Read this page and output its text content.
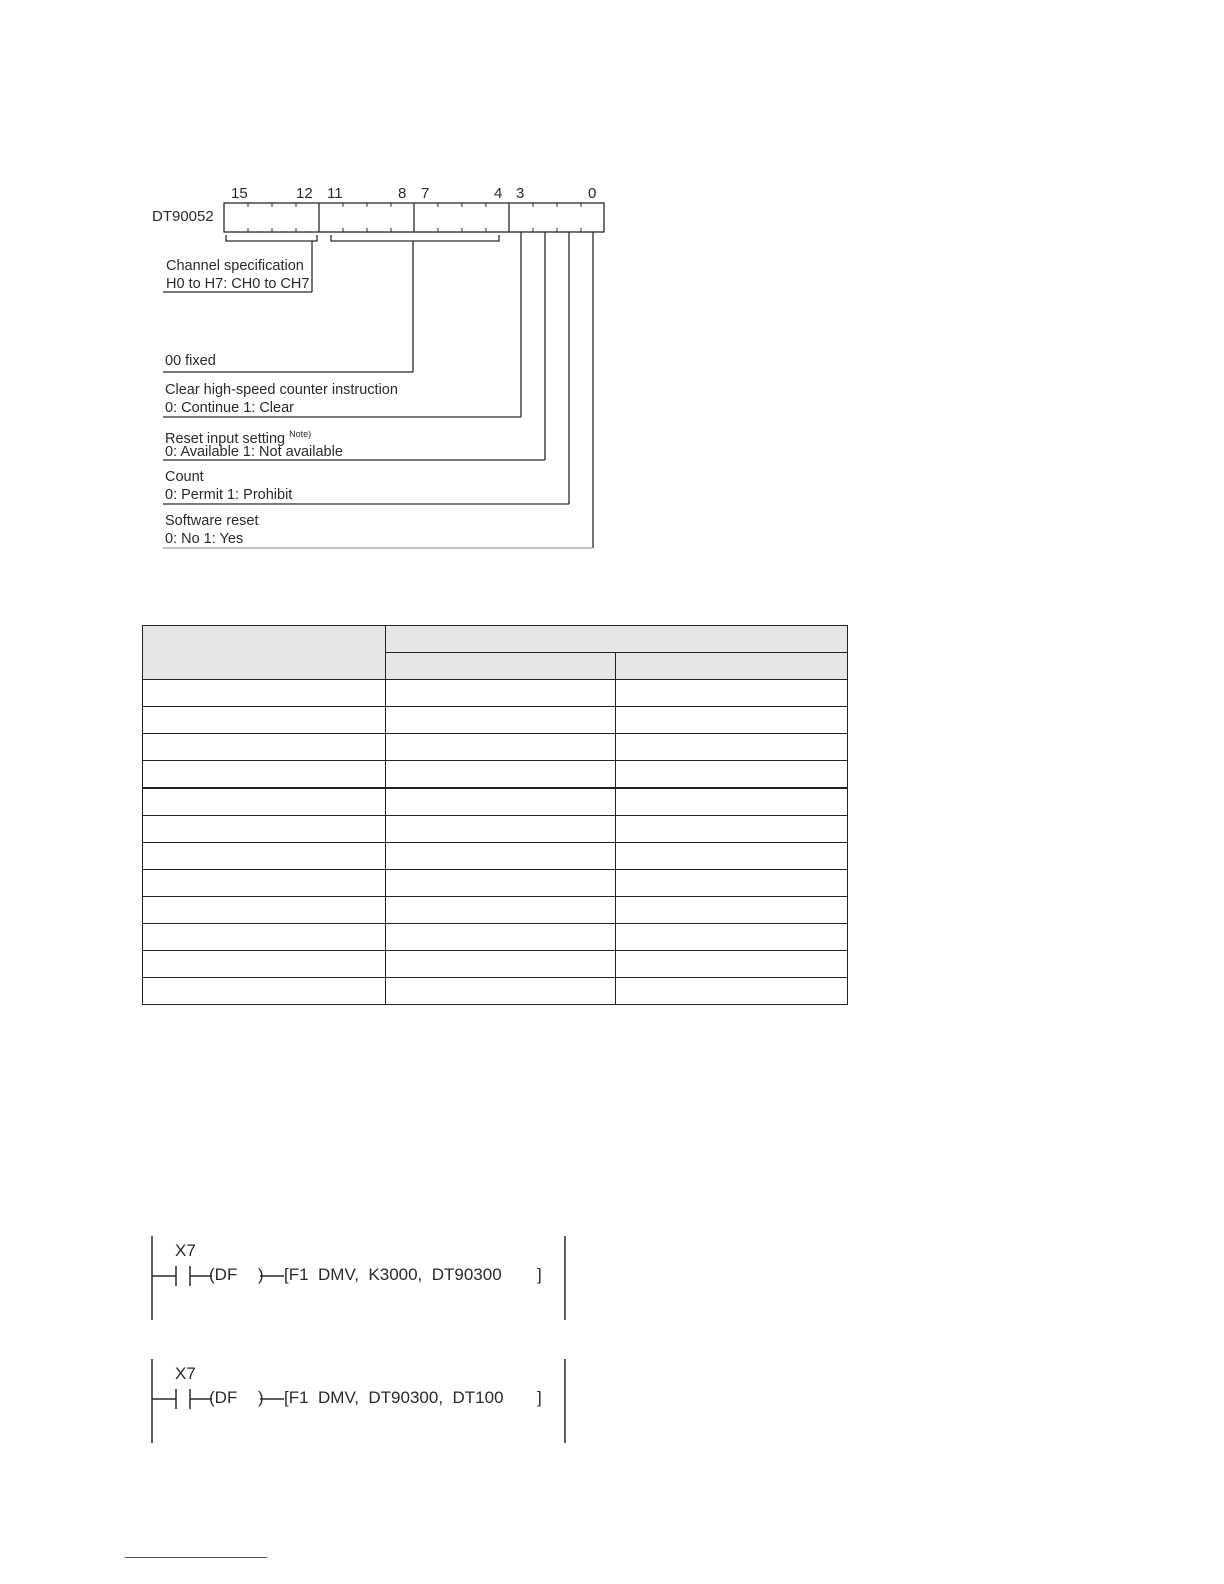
DT90052
15	12 11	8 7	4 3	0
Channel specification
H0 to H7: CH0 to CH7
00 fixed
Clear high-speed counter instruction
0: Continue 1: Clear
Reset input setting $^{Note)}$
0: Available 1: Not available
Count
0: Permit 1: Prohibit
Software reset
0: No 1: Yes

X7
(DF ) [F1  DMV,  K3000,  DT90300 ]
X7
(DF ) [F1  DMV,  DT90300,  DT100 ]
